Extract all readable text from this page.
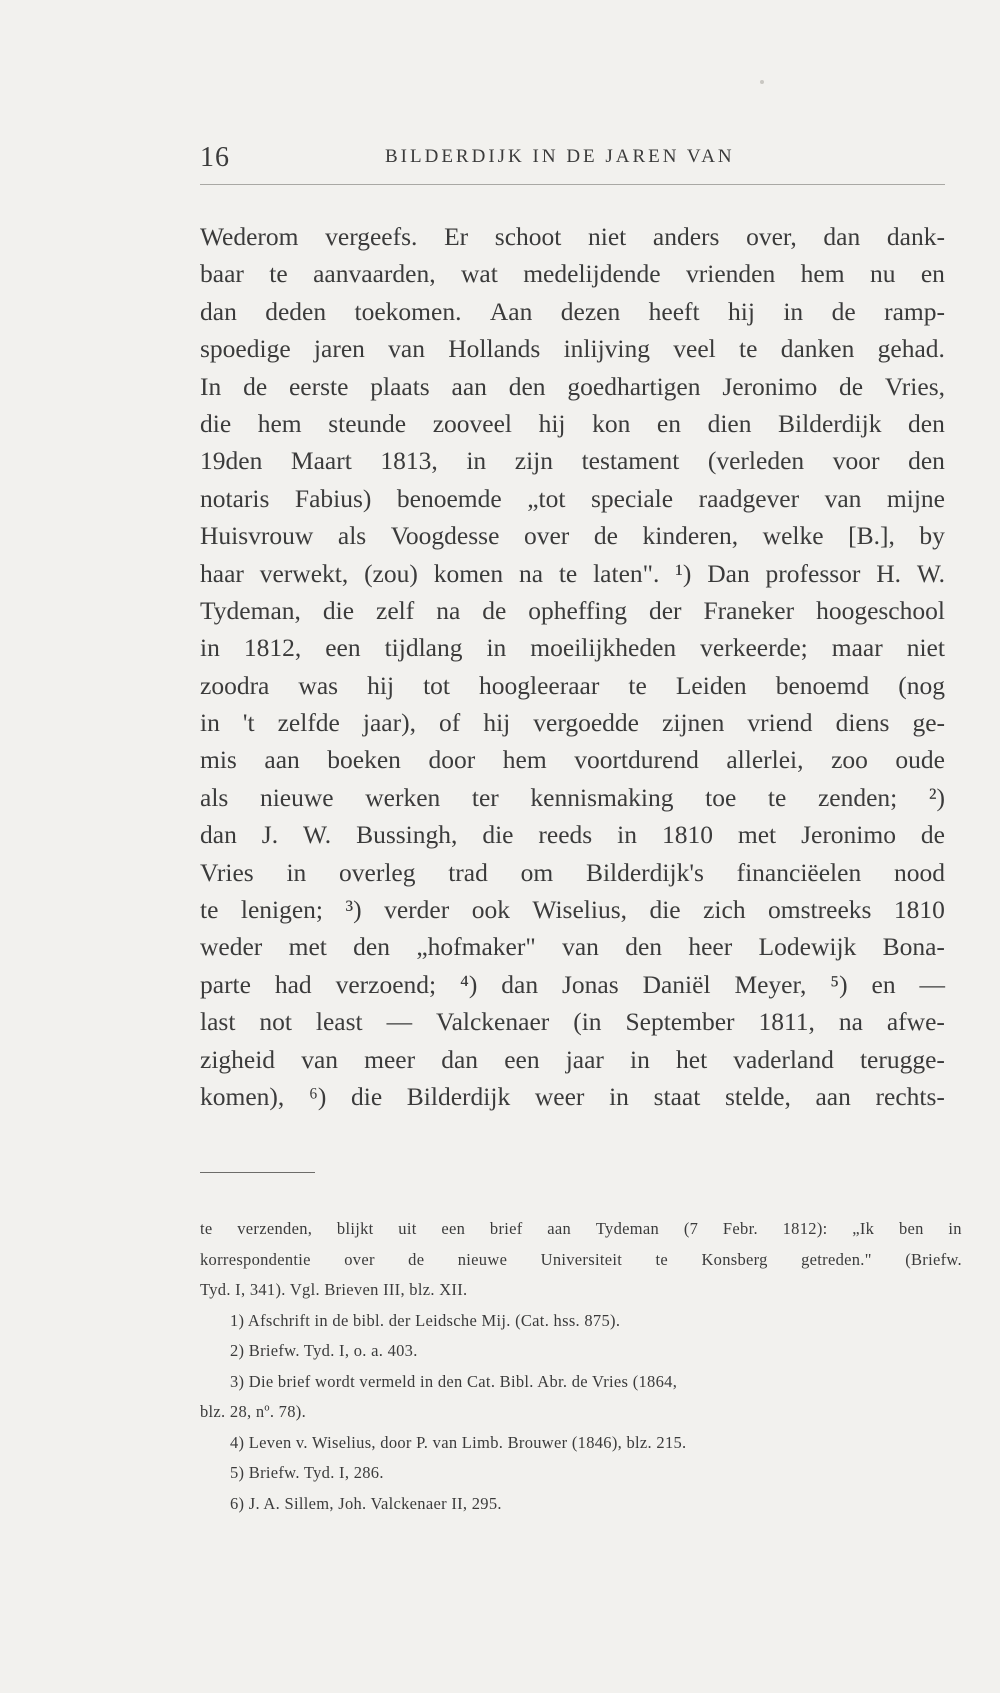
16	BILDERDIJK IN DE JAREN VAN
Wederom vergeefs. Er schoot niet anders over, dan dank-
baar te aanvaarden, wat medelijdende vrienden hem nu en
dan deden toekomen. Aan dezen heeft hij in de ramp-
spoedige jaren van Hollands inlijving veel te danken gehad.
In de eerste plaats aan den goedhartigen Jeronimo de Vries,
die hem steunde zooveel hij kon en dien Bilderdijk den
19den Maart 1813, in zijn testament (verleden voor den
notaris Fabius) benoemde „tot speciale raadgever van mijne
Huisvrouw als Voogdesse over de kinderen, welke [B.], by
haar verwekt, (zou) komen na te laten". ¹) Dan professor H. W.
Tydeman, die zelf na de opheffing der Franeker hoogeschool
in 1812, een tijdlang in moeilijkheden verkeerde; maar niet
zoodra was hij tot hoogleeraar te Leiden benoemd (nog
in 't zelfde jaar), of hij vergoedde zijnen vriend diens ge-
mis aan boeken door hem voortdurend allerlei, zoo oude
als nieuwe werken ter kennismaking toe te zenden; ²)
dan J. W. Bussingh, die reeds in 1810 met Jeronimo de
Vries in overleg trad om Bilderdijk's financiëelen nood
te lenigen; ³) verder ook Wiselius, die zich omstreeks 1810
weder met den „hofmaker" van den heer Lodewijk Bona-
parte had verzoend; ⁴) dan Jonas Daniël Meyer, ⁵) en —
last not least — Valckenaer (in September 1811, na afwe-
zigheid van meer dan een jaar in het vaderland terugge-
komen), ⁶) die Bilderdijk weer in staat stelde, aan rechts-
te verzenden, blijkt uit een brief aan Tydeman (7 Febr. 1812): „Ik ben in
korrespondentie over de nieuwe Universiteit te Konsberg getreden." (Briefw.
Tyd. I, 341). Vgl. Brieven III, blz. XII.
1) Afschrift in de bibl. der Leidsche Mij. (Cat. hss. 875).
2) Briefw. Tyd. I, o. a. 403.
3) Die brief wordt vermeld in den Cat. Bibl. Abr. de Vries (1864,
blz. 28, nº. 78).
4) Leven v. Wiselius, door P. van Limb. Brouwer (1846), blz. 215.
5) Briefw. Tyd. I, 286.
6) J. A. Sillem, Joh. Valckenaer II, 295.
